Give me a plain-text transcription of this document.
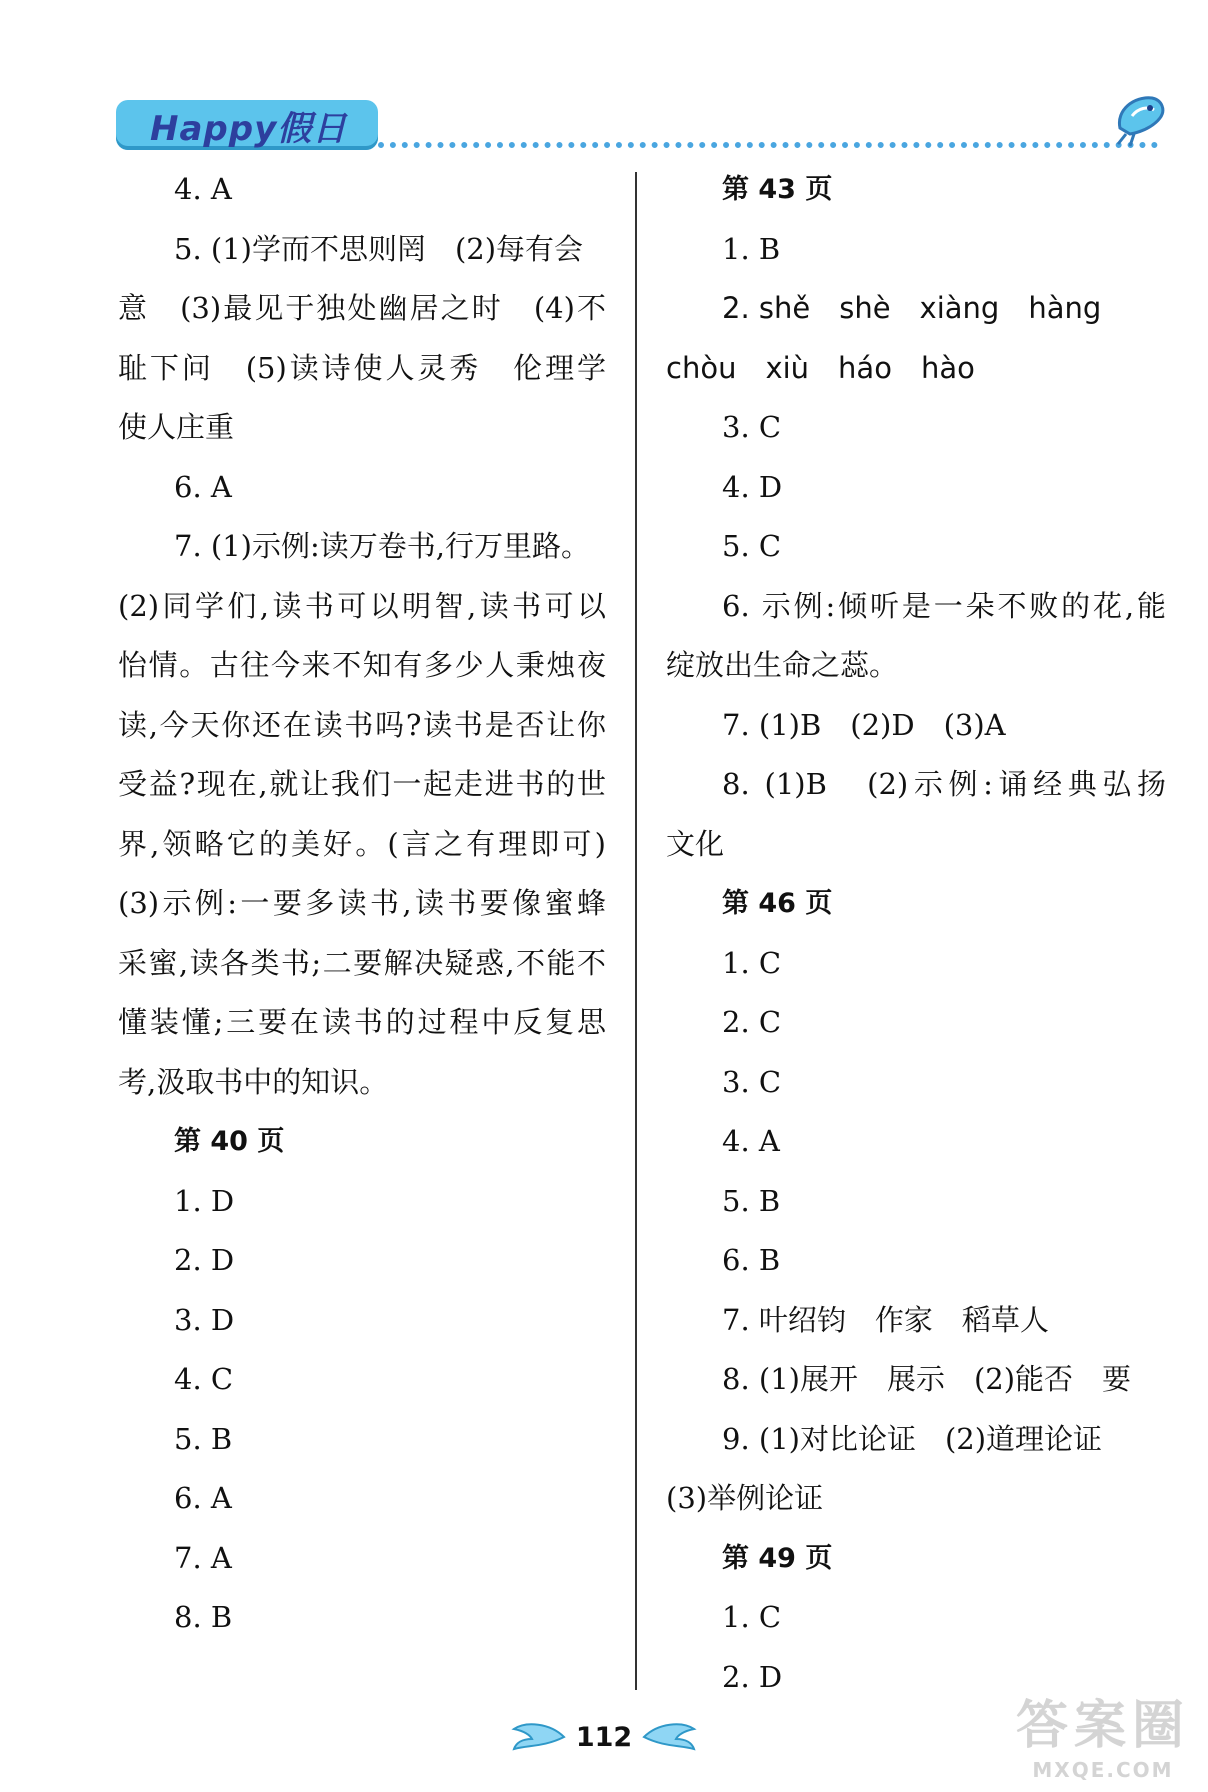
Happy假日
4. A
5. (1)学而不思则罔　(2)每有会
意　(3)最见于独处幽居之时　(4)不
耻下问　(5)读诗使人灵秀　伦理学
使人庄重
6. A
7. (1)示例:读万卷书,行万里路。
(2)同学们,读书可以明智,读书可以
怡情。古往今来不知有多少人秉烛夜
读,今天你还在读书吗?读书是否让你
受益?现在,就让我们一起走进书的世
界,领略它的美好。(言之有理即可)
(3)示例:一要多读书,读书要像蜜蜂
采蜜,读各类书;二要解决疑惑,不能不
懂装懂;三要在读书的过程中反复思
考,汲取书中的知识。
第 40 页
1. D
2. D
3. D
4. C
5. B
6. A
7. A
8. B
第 43 页
1. B
2. shě　shè　xiàng　hàng
chòu　xiù　háo　hào
3. C
4. D
5. C
6. 示例:倾听是一朵不败的花,能
绽放出生命之蕊。
7. (1)B　(2)D　(3)A
8. (1)B　(2)示例:诵经典弘扬
文化
第 46 页
1. C
2. C
3. C
4. A
5. B
6. B
7. 叶绍钧　作家　稻草人
8. (1)展开　展示　(2)能否　要
9. (1)对比论证　(2)道理论证
(3)举例论证
第 49 页
1. C
2. D
112	答案圈
MXQE.COM
